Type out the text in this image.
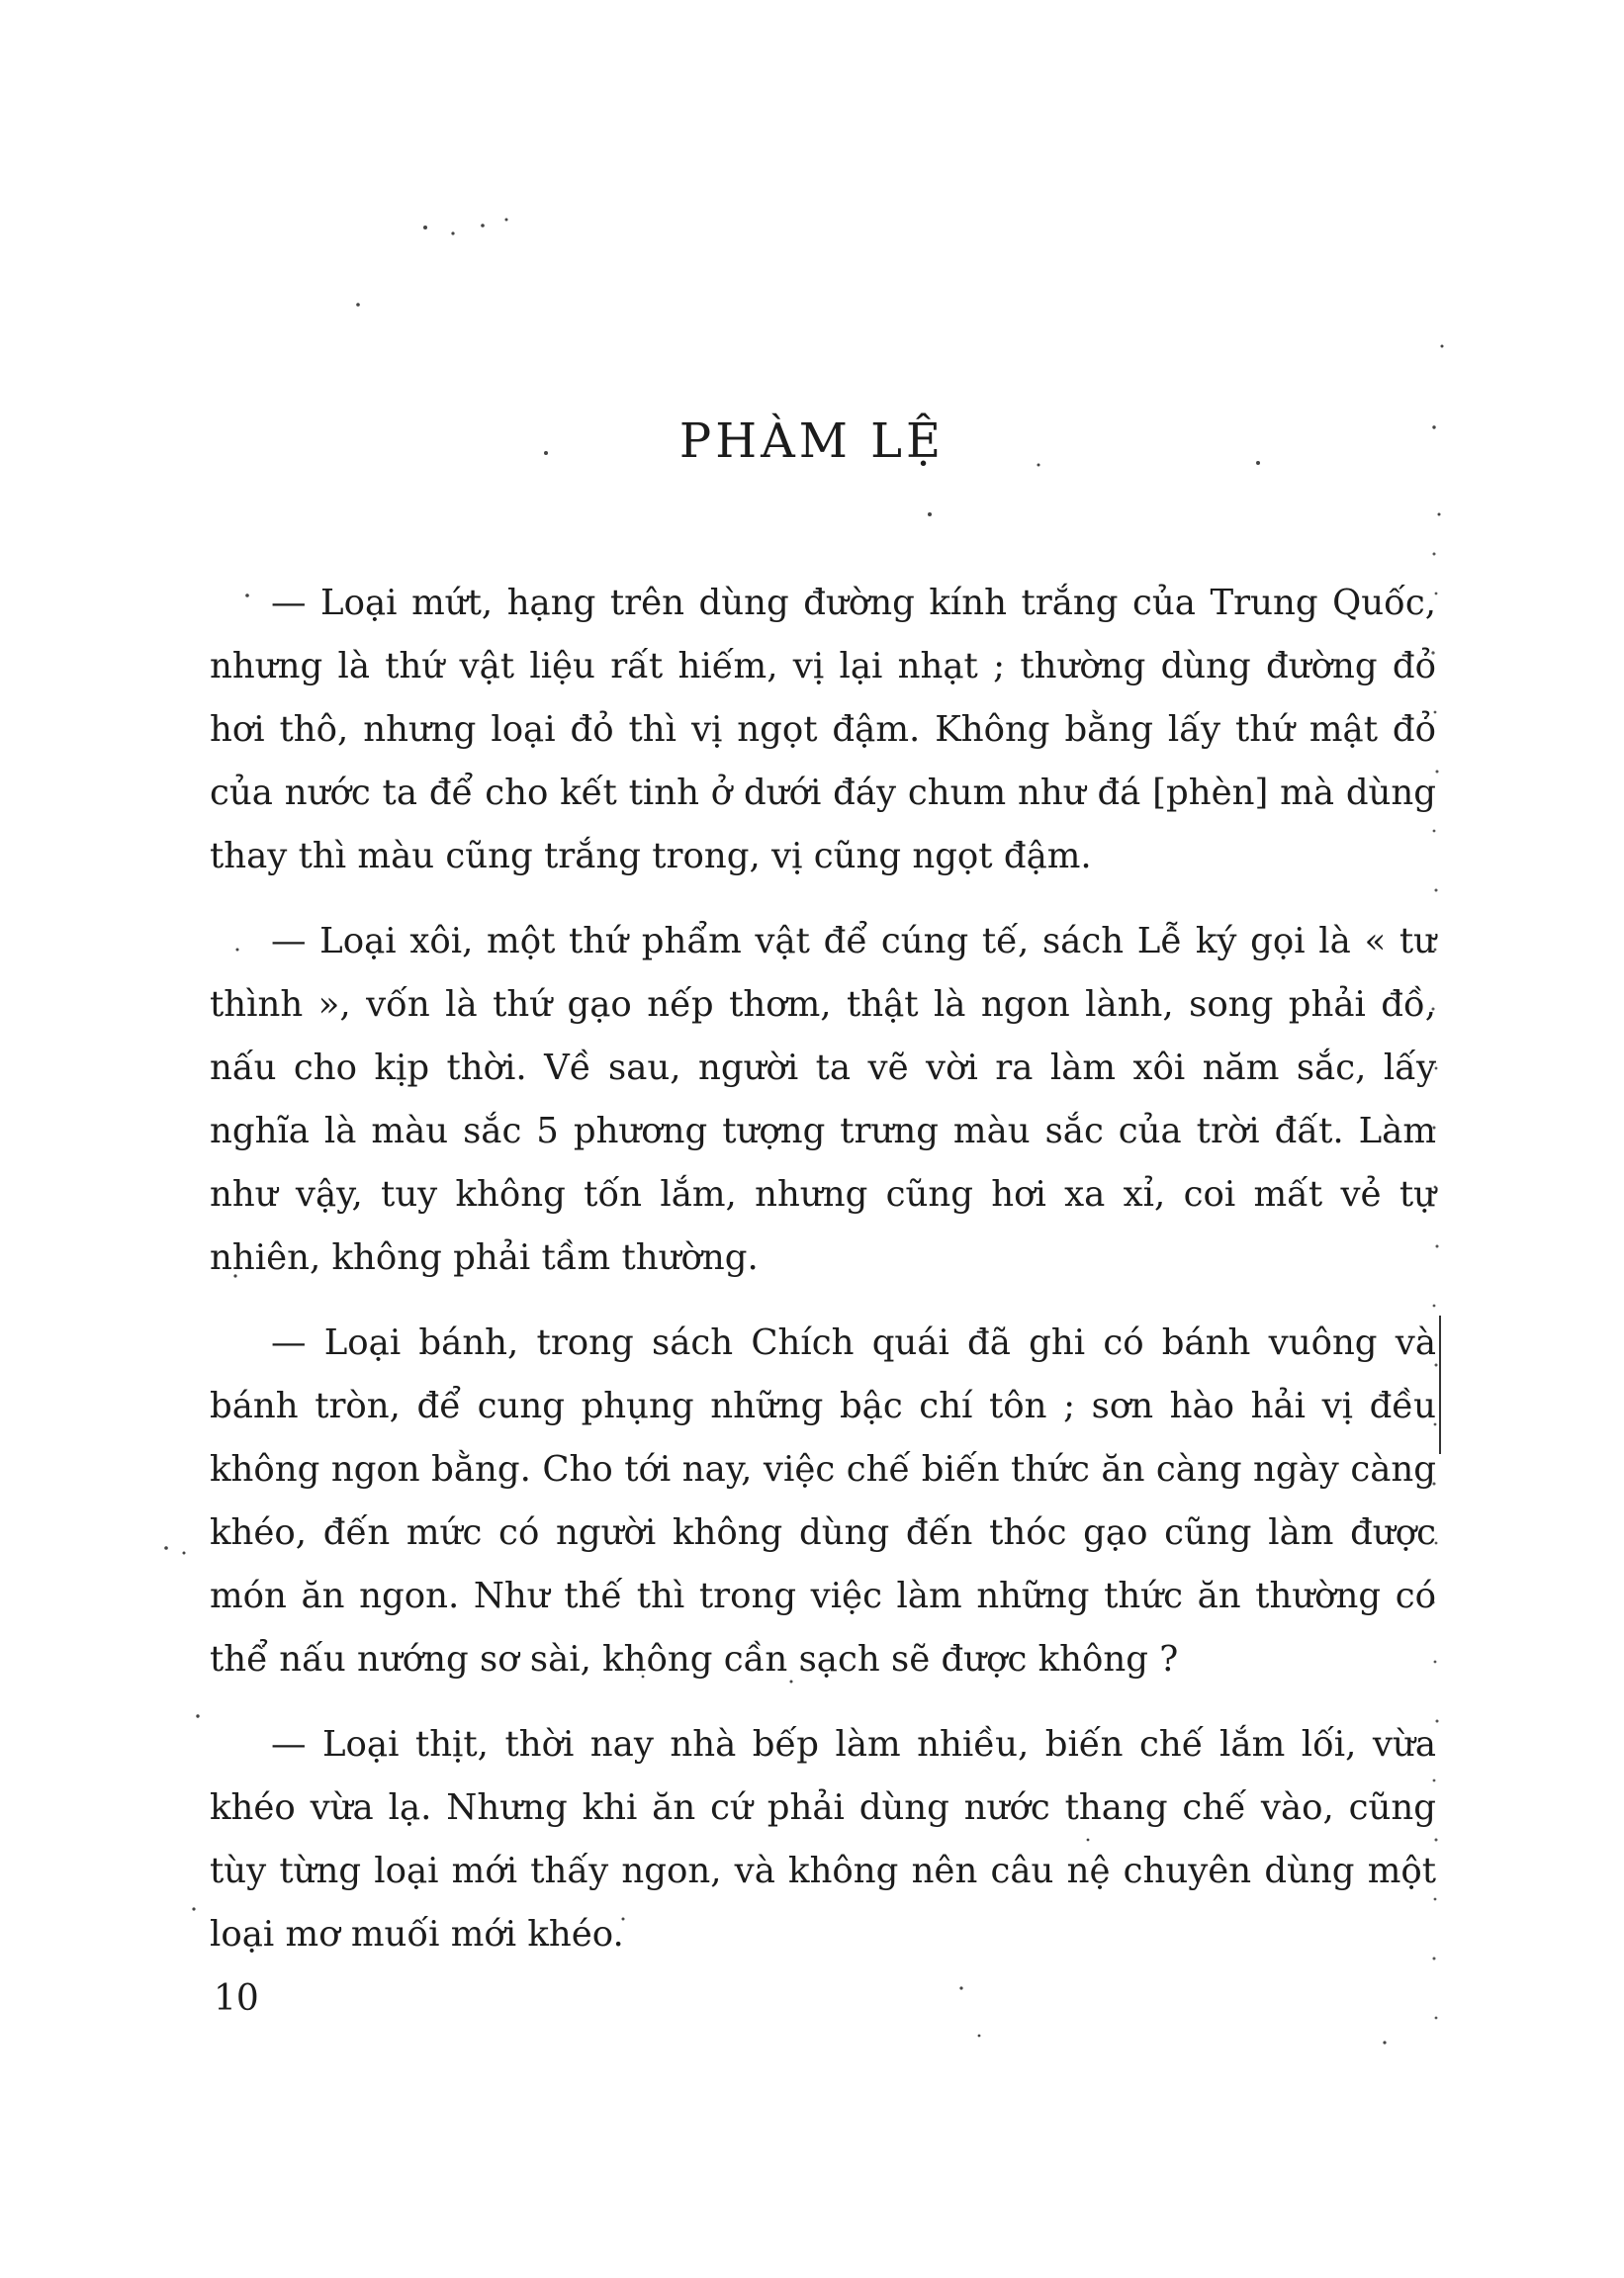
PHÀM LỆ

— Loại mứt, hạng trên dùng đường kính trắng của Trung Quốc, nhưng là thứ vật liệu rất hiếm, vị lại nhạt ; thường dùng đường đỏ hơi thô, nhưng loại đỏ thì vị ngọt đậm. Không bằng lấy thứ mật đỏ của nước ta để cho kết tinh ở dưới đáy chum như đá [phèn] mà dùng thay thì màu cũng trắng trong, vị cũng ngọt đậm.

— Loại xôi, một thứ phẩm vật để cúng tế, sách Lễ ký gọi là « tư thình », vốn là thứ gạo nếp thơm, thật là ngon lành, song phải đồ, nấu cho kịp thời. Về sau, người ta vẽ vời ra làm xôi năm sắc, lấy nghĩa là màu sắc 5 phương tượng trưng màu sắc của trời đất. Làm như vậy, tuy không tốn lắm, nhưng cũng hơi xa xỉ, coi mất vẻ tự nhiên, không phải tầm thường.

— Loại bánh, trong sách Chích quái đã ghi có bánh vuông và bánh tròn, để cung phụng những bậc chí tôn ; sơn hào hải vị đều không ngon bằng. Cho tới nay, việc chế biến thức ăn càng ngày càng khéo, đến mức có người không dùng đến thóc gạo cũng làm được món ăn ngon. Như thế thì trong việc làm những thức ăn thường có thể nấu nướng sơ sài, không cần sạch sẽ được không ?

— Loại thịt, thời nay nhà bếp làm nhiều, biến chế lắm lối, vừa khéo vừa lạ. Nhưng khi ăn cứ phải dùng nước thang chế vào, cũng tùy từng loại mới thấy ngon, và không nên câu nệ chuyên dùng một loại mơ muối mới khéo.

10
